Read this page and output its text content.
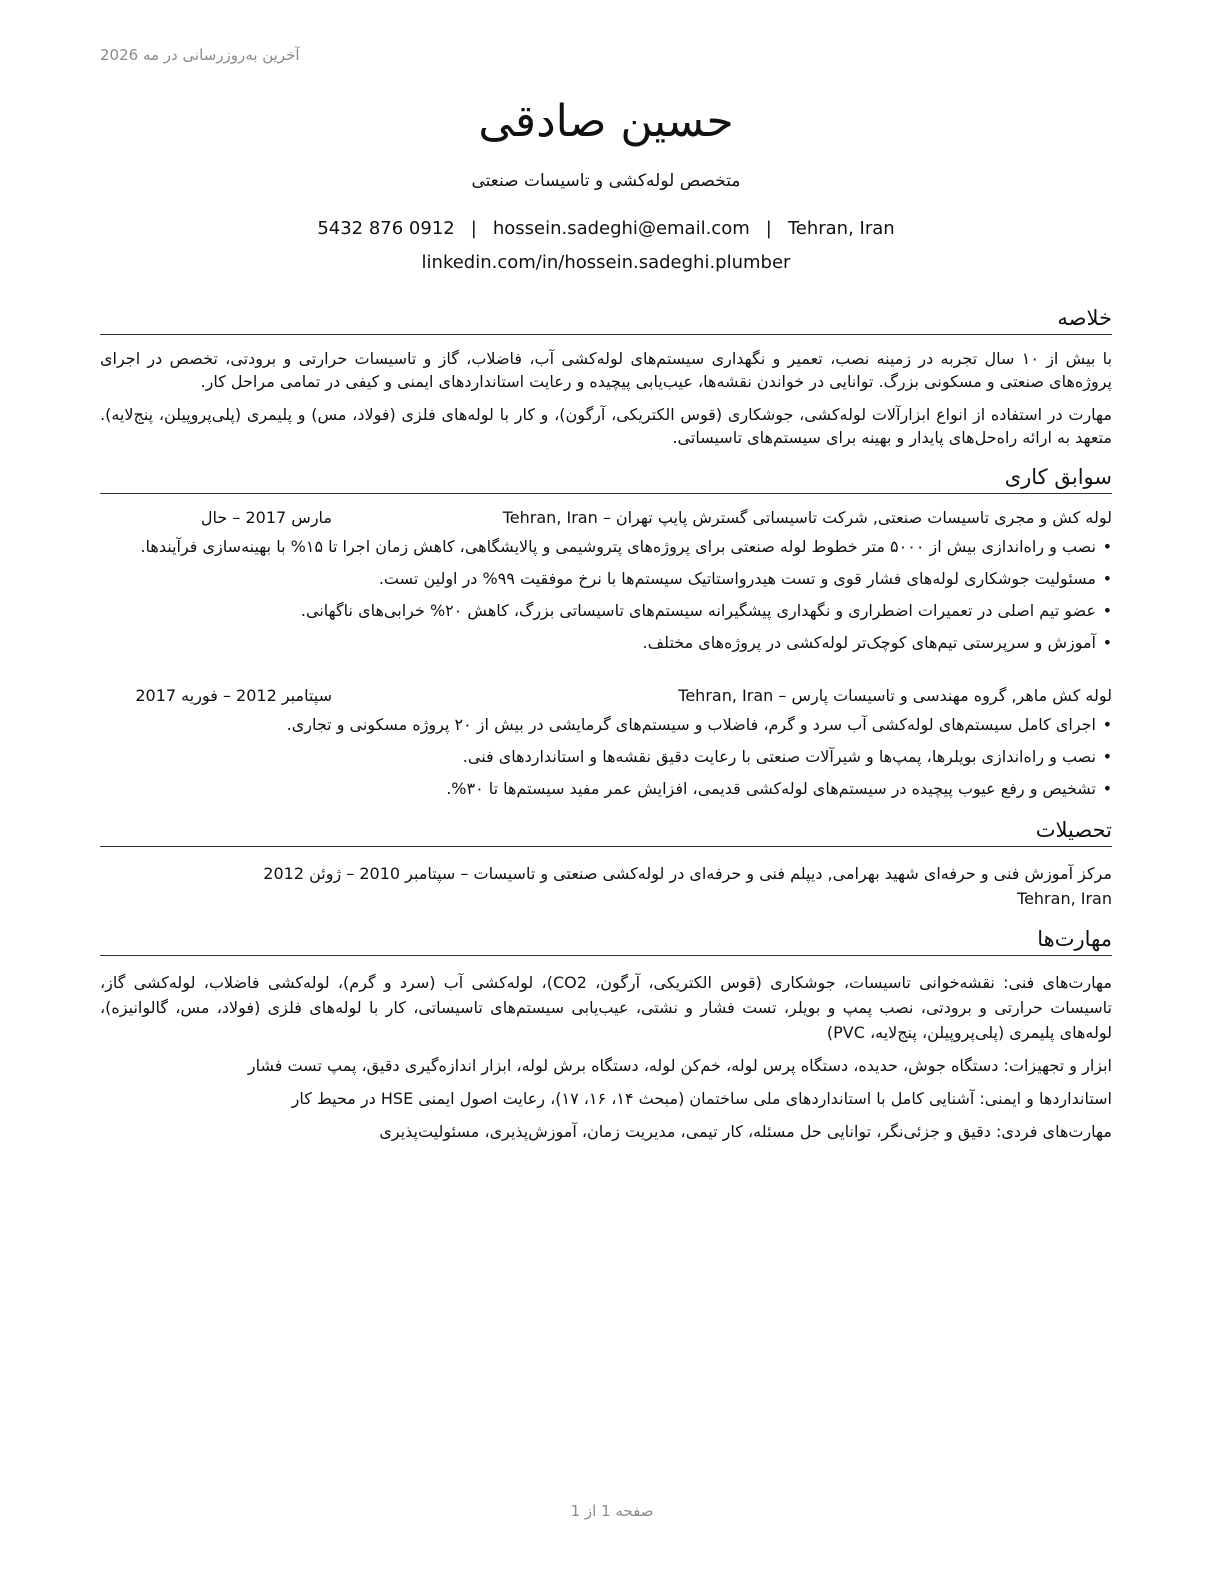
آخرین به‌روزرسانی در مه 2026
حسین صادقی
متخصص لوله‌کشی و تاسیسات صنعتی
5432 876 0912 | hossein.sadeghi@email.com | Tehran, Iran
linkedin.com/in/hossein.sadeghi.plumber
خلاصه
با بیش از ۱۰ سال تجربه در زمینه نصب، تعمیر و نگهداری سیستم‌های لوله‌کشی آب، فاضلاب، گاز و تاسیسات حرارتی و برودتی، تخصص در اجرای پروژه‌های صنعتی و مسکونی بزرگ. توانایی در خواندن نقشه‌ها، عیب‌یابی پیچیده و رعایت استانداردهای ایمنی و کیفی در تمامی مراحل کار.
مهارت در استفاده از انواع ابزارآلات لوله‌کشی، جوشکاری (قوس الکتریکی، آرگون)، و کار با لوله‌های فلزی (فولاد، مس) و پلیمری (پلی‌پروپیلن، پنج‌لایه). متعهد به ارائه راه‌حل‌های پایدار و بهینه برای سیستم‌های تاسیساتی.
سوابق کاری
لوله کش و مجری تاسیسات صنعتی, شرکت تاسیساتی گسترش پایپ تهران – Tehran, Iran
مارس 2017 – حال
• نصب و راه‌اندازی بیش از ۵۰۰۰ متر خطوط لوله صنعتی برای پروژه‌های پتروشیمی و پالایشگاهی، کاهش زمان اجرا تا ۱۵% با بهینه‌سازی فرآیندها.
• مسئولیت جوشکاری لوله‌های فشار قوی و تست هیدرواستاتیک سیستم‌ها با نرخ موفقیت ۹۹% در اولین تست.
• عضو تیم اصلی در تعمیرات اضطراری و نگهداری پیشگیرانه سیستم‌های تاسیساتی بزرگ، کاهش ۲۰% خرابی‌های ناگهانی.
• آموزش و سرپرستی تیم‌های کوچک‌تر لوله‌کشی در پروژه‌های مختلف.
لوله کش ماهر, گروه مهندسی و تاسیسات پارس – Tehran, Iran
سپتامبر 2012 – فوریه 2017
• اجرای کامل سیستم‌های لوله‌کشی آب سرد و گرم، فاضلاب و سیستم‌های گرمایشی در بیش از ۲۰ پروژه مسکونی و تجاری.
• نصب و راه‌اندازی بویلرها، پمپ‌ها و شیرآلات صنعتی با رعایت دقیق نقشه‌ها و استانداردهای فنی.
• تشخیص و رفع عیوب پیچیده در سیستم‌های لوله‌کشی قدیمی، افزایش عمر مفید سیستم‌ها تا ۳۰%.
تحصیلات
مرکز آموزش فنی و حرفه‌ای شهید بهرامی, دیپلم فنی و حرفه‌ای در لوله‌کشی صنعتی و تاسیسات – سپتامبر 2010 – ژوئن 2012
Tehran, Iran
مهارت‌ها
مهارت‌های فنی: نقشه‌خوانی تاسیسات، جوشکاری (قوس الکتریکی، آرگون، CO2)، لوله‌کشی آب (سرد و گرم)، لوله‌کشی فاضلاب، لوله‌کشی گاز، تاسیسات حرارتی و برودتی، نصب پمپ و بویلر، تست فشار و نشتی، عیب‌یابی سیستم‌های تاسیساتی، کار با لوله‌های فلزی (فولاد، مس، گالوانیزه)، لوله‌های پلیمری (پلی‌پروپیلن، پنج‌لایه، PVC)
ابزار و تجهیزات: دستگاه جوش، حدیده، دستگاه پرس لوله، خم‌کن لوله، دستگاه برش لوله، ابزار اندازه‌گیری دقیق، پمپ تست فشار
استانداردها و ایمنی: آشنایی کامل با استانداردهای ملی ساختمان (مبحث ۱۴، ۱۶، ۱۷)، رعایت اصول ایمنی HSE در محیط کار
مهارت‌های فردی: دقیق و جزئی‌نگر، توانایی حل مسئله، کار تیمی، مدیریت زمان، آموزش‌پذیری، مسئولیت‌پذیری
صفحه 1 از 1
